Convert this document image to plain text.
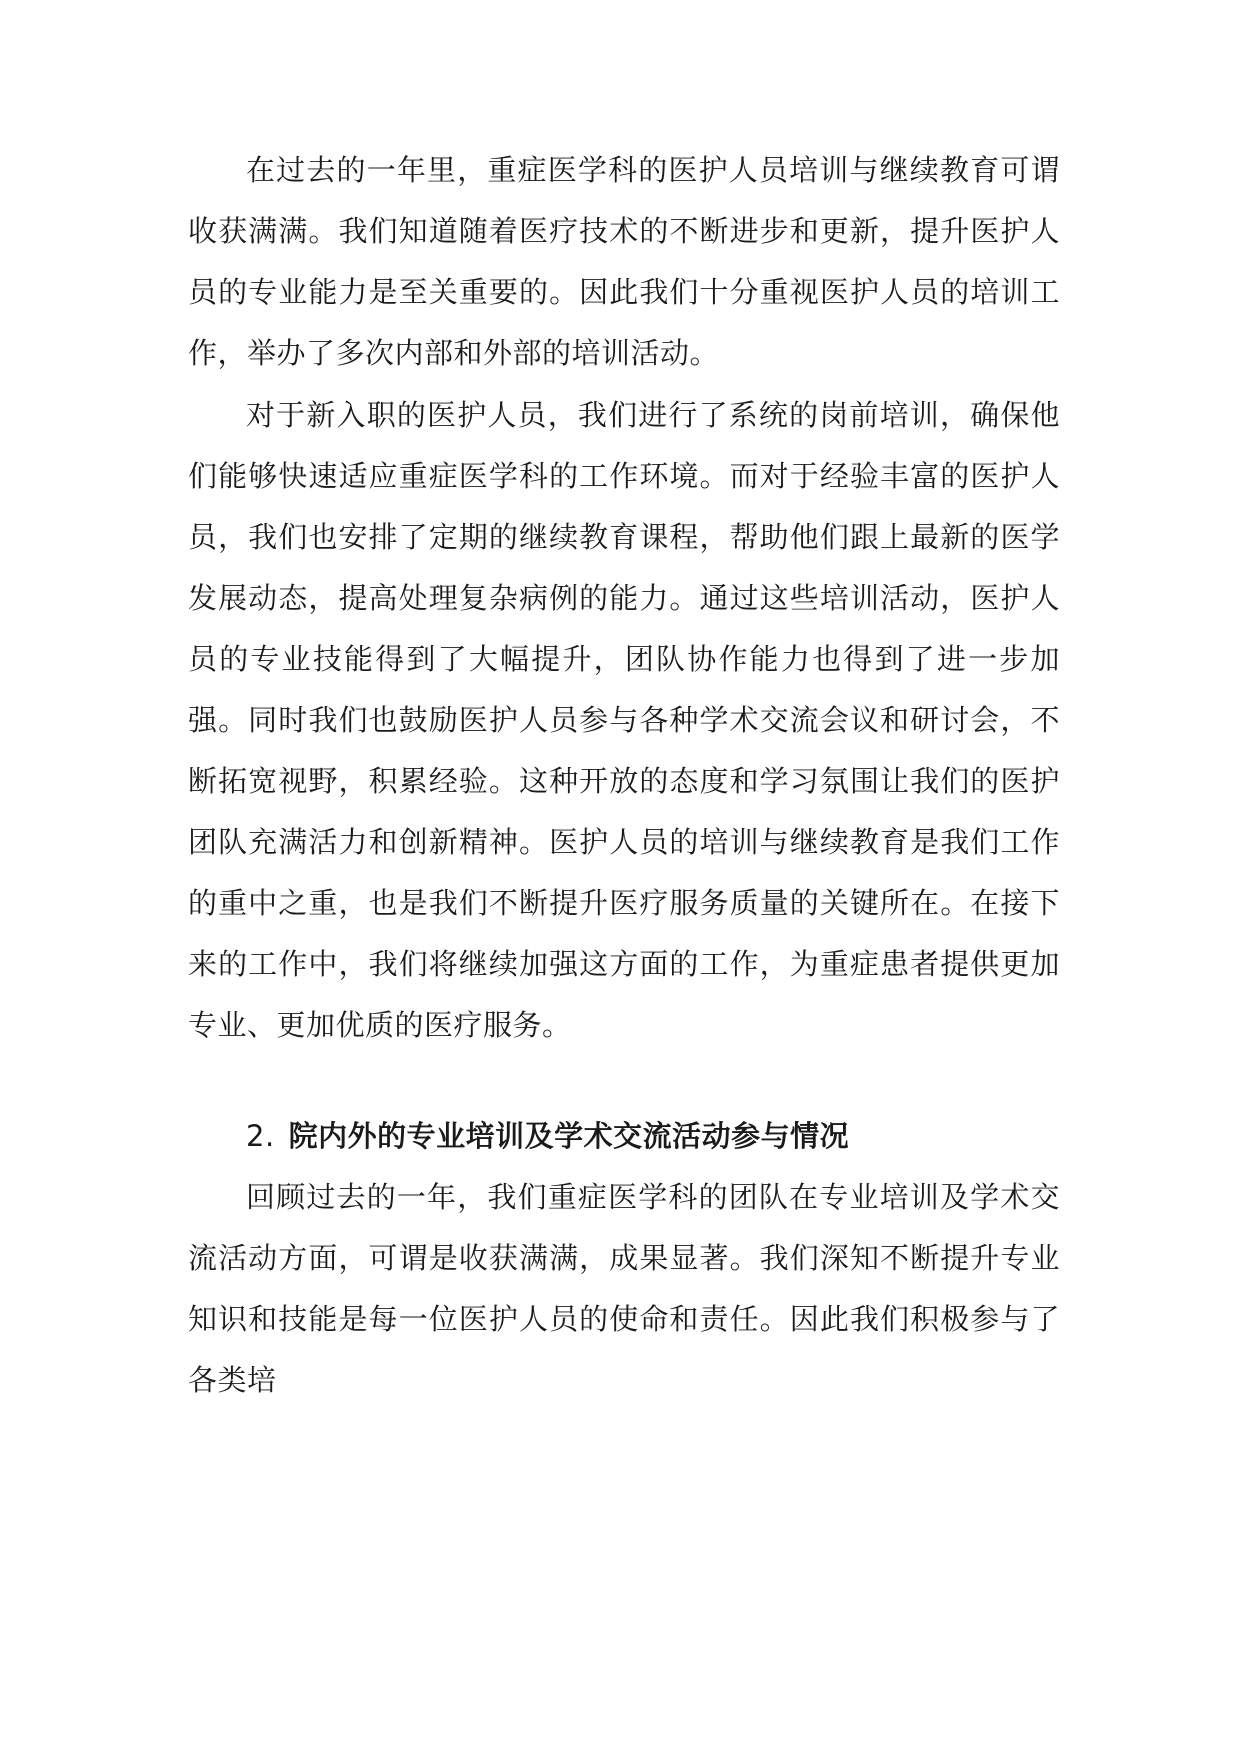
在过去的一年里，重症医学科的医护人员培训与继续教育可谓收获满满。我们知道随着医疗技术的不断进步和更新，提升医护人员的专业能力是至关重要的。因此我们十分重视医护人员的培训工作，举办了多次内部和外部的培训活动。

对于新入职的医护人员，我们进行了系统的岗前培训，确保他们能够快速适应重症医学科的工作环境。而对于经验丰富的医护人员，我们也安排了定期的继续教育课程，帮助他们跟上最新的医学发展动态，提高处理复杂病例的能力。通过这些培训活动，医护人员的专业技能得到了大幅提升，团队协作能力也得到了进一步加强。同时我们也鼓励医护人员参与各种学术交流会议和研讨会，不断拓宽视野，积累经验。这种开放的态度和学习氛围让我们的医护团队充满活力和创新精神。医护人员的培训与继续教育是我们工作的重中之重，也是我们不断提升医疗服务质量的关键所在。在接下来的工作中，我们将继续加强这方面的工作，为重症患者提供更加专业、更加优质的医疗服务。

2. 院内外的专业培训及学术交流活动参与情况

回顾过去的一年，我们重症医学科的团队在专业培训及学术交流活动方面，可谓是收获满满，成果显著。我们深知不断提升专业知识和技能是每一位医护人员的使命和责任。因此我们积极参与了各类培
